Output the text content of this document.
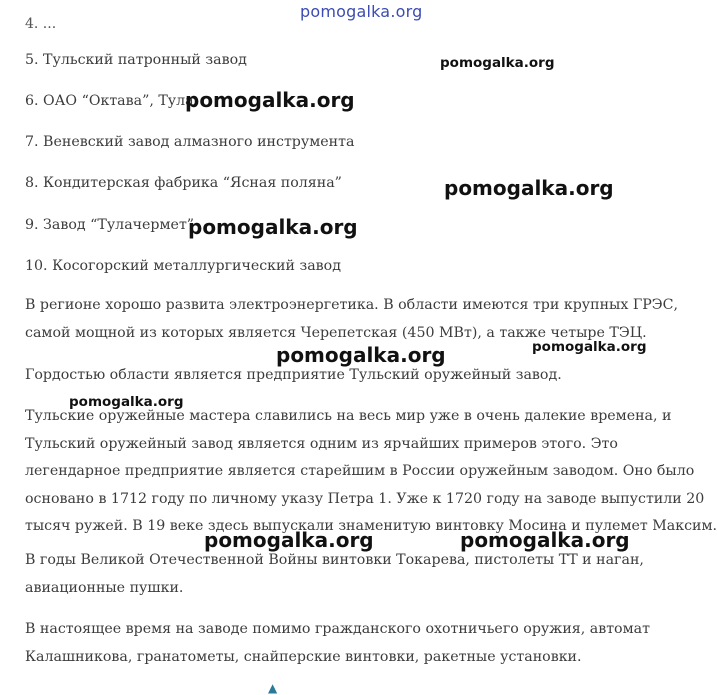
pomogalka.org
4. ...

5. Тульский патронный завод

6. ОАО “Октава”, Тула

7. Веневский завод алмазного инструмента

8. Кондитерская фабрика “Ясная поляна”

9. Завод “Тулачермет”

10. Косогорский металлургический завод

В регионе хорошо развита электроэнергетика. В области имеются три крупных ГРЭС,
самой мощной из которых является Черепетская (450 МВт), а также четыре ТЭЦ.
Гордостью области является предприятие Тульский оружейный завод.
Тульские оружейные мастера славились на весь мир уже в очень далекие времена, и
Тульский оружейный завод является одним из ярчайших примеров этого. Это
легендарное предприятие является старейшим в России оружейным заводом. Оно было
основано в 1712 году по личному указу Петра 1. Уже к 1720 году на заводе выпустили 20
тысяч ружей. В 19 веке здесь выпускали знаменитую винтовку Мосина и пулемет Максим.
В годы Великой Отечественной Войны винтовки Токарева, пистолеты ТТ и наган,
авиационные пушки.
В настоящее время на заводе помимо гражданского охотничьего оружия, автомат
Калашникова, гранатометы, снайперские винтовки, ракетные установки.
pomogalka.org
pomogalka.org
pomogalka.org
pomogalka.org
pomogalka.org	pomogalka.org
pomogalka.org
pomogalka.org	pomogalka.org
▲
